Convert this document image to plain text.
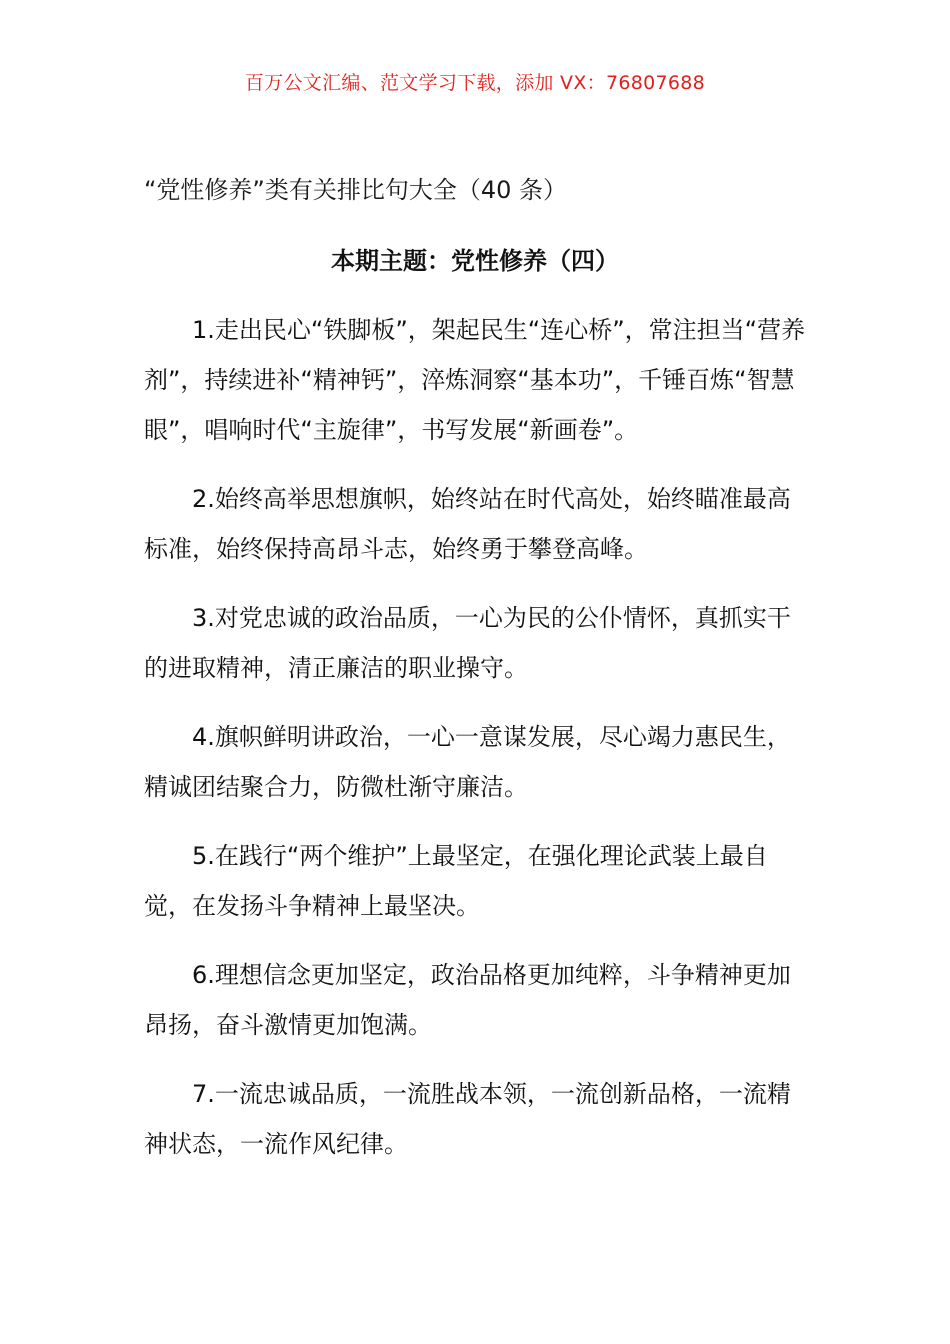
百万公文汇编、范文学习下载，添加 VX：76807688
“党性修养”类有关排比句大全（40 条）
本期主题：党性修养（四）

1.走出民心“铁脚板”，架起民生“连心桥”，常注担当“营养剂”，持续进补“精神钙”，淬炼洞察“基本功”，千锤百炼“智慧眼”，唱响时代“主旋律”，书写发展“新画卷”。

2.始终高举思想旗帜，始终站在时代高处，始终瞄准最高标准，始终保持高昂斗志，始终勇于攀登高峰。

3.对党忠诚的政治品质，一心为民的公仆情怀，真抓实干的进取精神，清正廉洁的职业操守。

4.旗帜鲜明讲政治，一心一意谋发展，尽心竭力惠民生，精诚团结聚合力，防微杜渐守廉洁。

5.在践行“两个维护”上最坚定，在强化理论武装上最自觉，在发扬斗争精神上最坚决。

6.理想信念更加坚定，政治品格更加纯粹，斗争精神更加昂扬，奋斗激情更加饱满。

7.一流忠诚品质，一流胜战本领，一流创新品格，一流精神状态，一流作风纪律。
